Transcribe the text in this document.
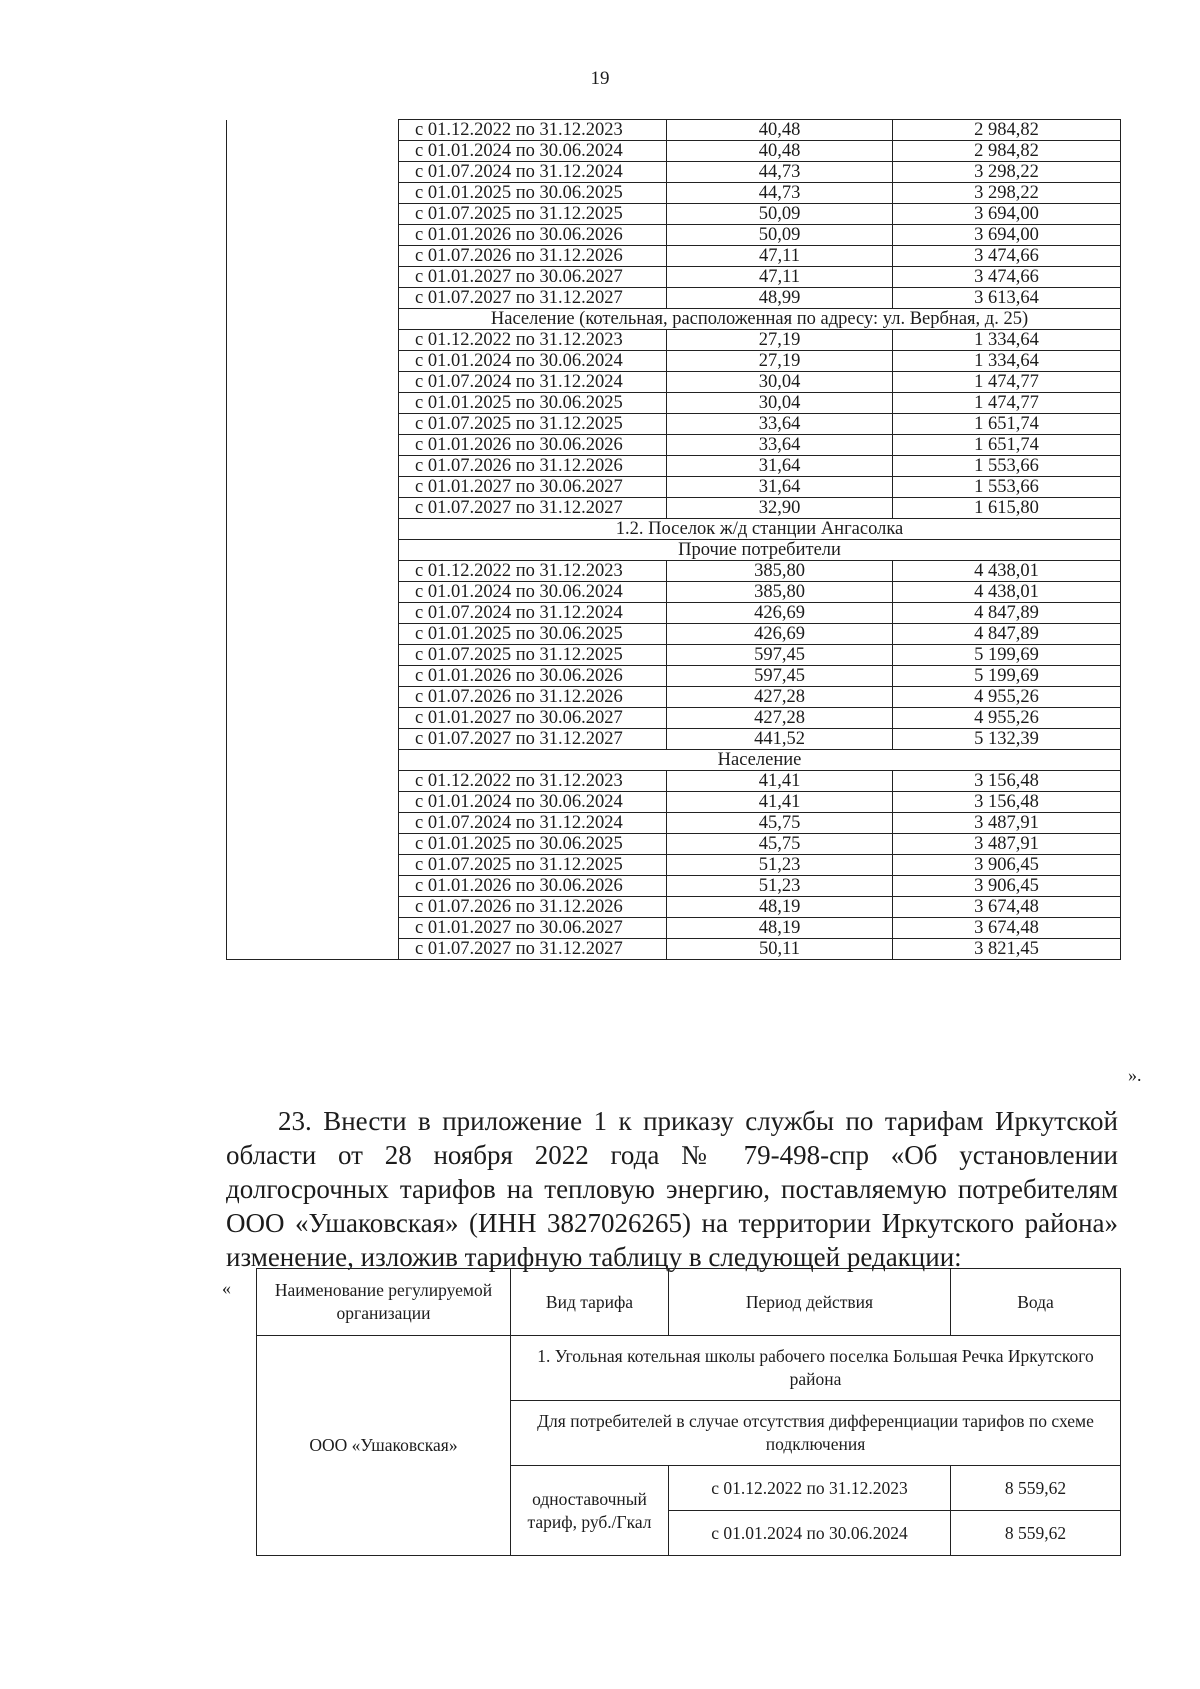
19
	с 01.12.2022 по 31.12.2023	40,48	2 984,82
	с 01.01.2024 по 30.06.2024	40,48	2 984,82
	с 01.07.2024 по 31.12.2024	44,73	3 298,22
	с 01.01.2025 по 30.06.2025	44,73	3 298,22
	с 01.07.2025 по 31.12.2025	50,09	3 694,00
	с 01.01.2026 по 30.06.2026	50,09	3 694,00
	с 01.07.2026 по 31.12.2026	47,11	3 474,66
	с 01.01.2027 по 30.06.2027	47,11	3 474,66
	с 01.07.2027 по 31.12.2027	48,99	3 613,64
	Население (котельная, расположенная по адресу: ул. Вербная, д. 25)		
	с 01.12.2022 по 31.12.2023	27,19	1 334,64
	с 01.01.2024 по 30.06.2024	27,19	1 334,64
	с 01.07.2024 по 31.12.2024	30,04	1 474,77
	с 01.01.2025 по 30.06.2025	30,04	1 474,77
	с 01.07.2025 по 31.12.2025	33,64	1 651,74
	с 01.01.2026 по 30.06.2026	33,64	1 651,74
	с 01.07.2026 по 31.12.2026	31,64	1 553,66
	с 01.01.2027 по 30.06.2027	31,64	1 553,66
	с 01.07.2027 по 31.12.2027	32,90	1 615,80
	1.2. Поселок ж/д станции Ангасолка		
	Прочие потребители		
	с 01.12.2022 по 31.12.2023	385,80	4 438,01
	с 01.01.2024 по 30.06.2024	385,80	4 438,01
	с 01.07.2024 по 31.12.2024	426,69	4 847,89
	с 01.01.2025 по 30.06.2025	426,69	4 847,89
	с 01.07.2025 по 31.12.2025	597,45	5 199,69
	с 01.01.2026 по 30.06.2026	597,45	5 199,69
	с 01.07.2026 по 31.12.2026	427,28	4 955,26
	с 01.01.2027 по 30.06.2027	427,28	4 955,26
	с 01.07.2027 по 31.12.2027	441,52	5 132,39
	Население		
	с 01.12.2022 по 31.12.2023	41,41	3 156,48
	с 01.01.2024 по 30.06.2024	41,41	3 156,48
	с 01.07.2024 по 31.12.2024	45,75	3 487,91
	с 01.01.2025 по 30.06.2025	45,75	3 487,91
	с 01.07.2025 по 31.12.2025	51,23	3 906,45
	с 01.01.2026 по 30.06.2026	51,23	3 906,45
	с 01.07.2026 по 31.12.2026	48,19	3 674,48
	с 01.01.2027 по 30.06.2027	48,19	3 674,48
	с 01.07.2027 по 31.12.2027	50,11	3 821,45
».

23. Внести в приложение 1 к приказу службы по тарифам Иркутской области от 28 ноября 2022 года № 79-498-спр «Об установлении долгосрочных тарифов на тепловую энергию, поставляемую потребителям ООО «Ушаковская» (ИНН 3827026265) на территории Иркутского района» изменение, изложив тарифную таблицу в следующей редакции:

«	Наименование регулируемой организации	Вид тарифа	Период действия	Вода
ООО «Ушаковская»	1. Угольная котельная школы рабочего поселка Большая Речка Иркутского района		
	Для потребителей в случае отсутствия дифференциации тарифов по схеме подключения		
	одноставочный тариф, руб./Гкал	с 01.12.2022 по 31.12.2023	8 559,62
		с 01.01.2024 по 30.06.2024	8 559,62
